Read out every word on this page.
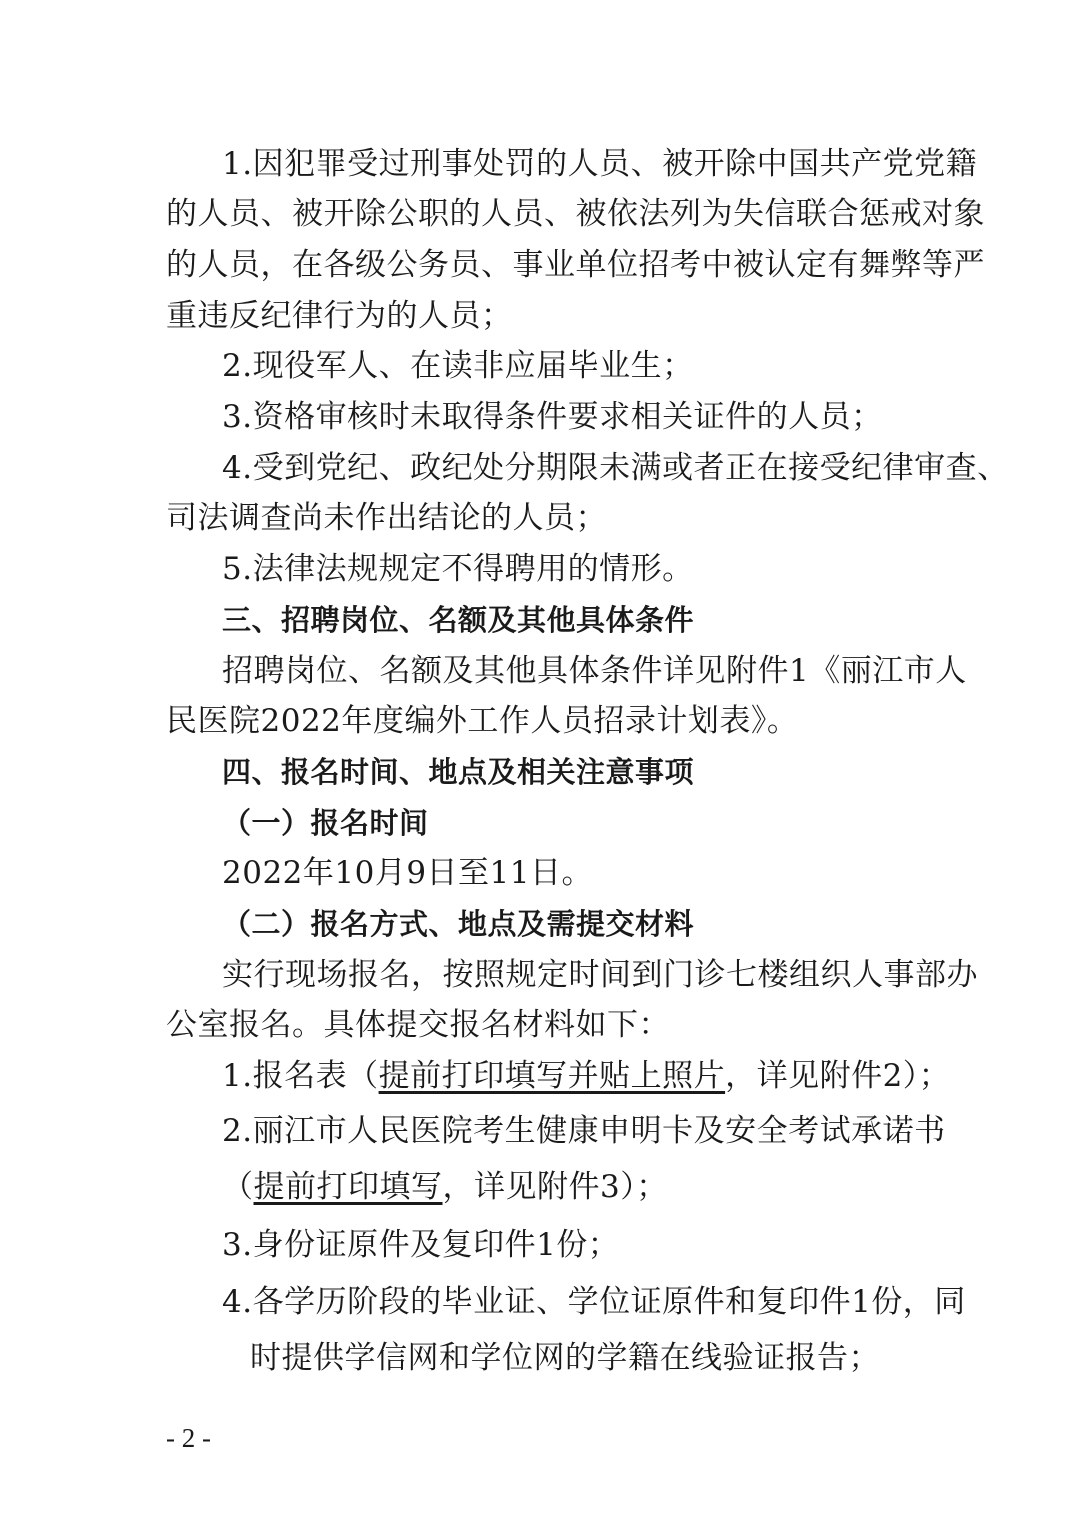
1.因犯罪受过刑事处罚的人员、被开除中国共产党党籍
的人员、被开除公职的人员、被依法列为失信联合惩戒对象
的人员，在各级公务员、事业单位招考中被认定有舞弊等严
重违反纪律行为的人员；
2.现役军人、在读非应届毕业生；
3.资格审核时未取得条件要求相关证件的人员；
4.受到党纪、政纪处分期限未满或者正在接受纪律审查、
司法调查尚未作出结论的人员；
5.法律法规规定不得聘用的情形。
三、招聘岗位、名额及其他具体条件
招聘岗位、名额及其他具体条件详见附件1《丽江市人
民医院2022年度编外工作人员招录计划表》。
四、报名时间、地点及相关注意事项
（一）报名时间
2022年10月9日至11日。
（二）报名方式、地点及需提交材料
实行现场报名，按照规定时间到门诊七楼组织人事部办
公室报名。具体提交报名材料如下：
1.报名表（提前打印填写并贴上照片，详见附件2）；
2.丽江市人民医院考生健康申明卡及安全考试承诺书
（提前打印填写，详见附件3）；
3.身份证原件及复印件1份；
4.各学历阶段的毕业证、学位证原件和复印件1份，同
时提供学信网和学位网的学籍在线验证报告；
- 2 -
